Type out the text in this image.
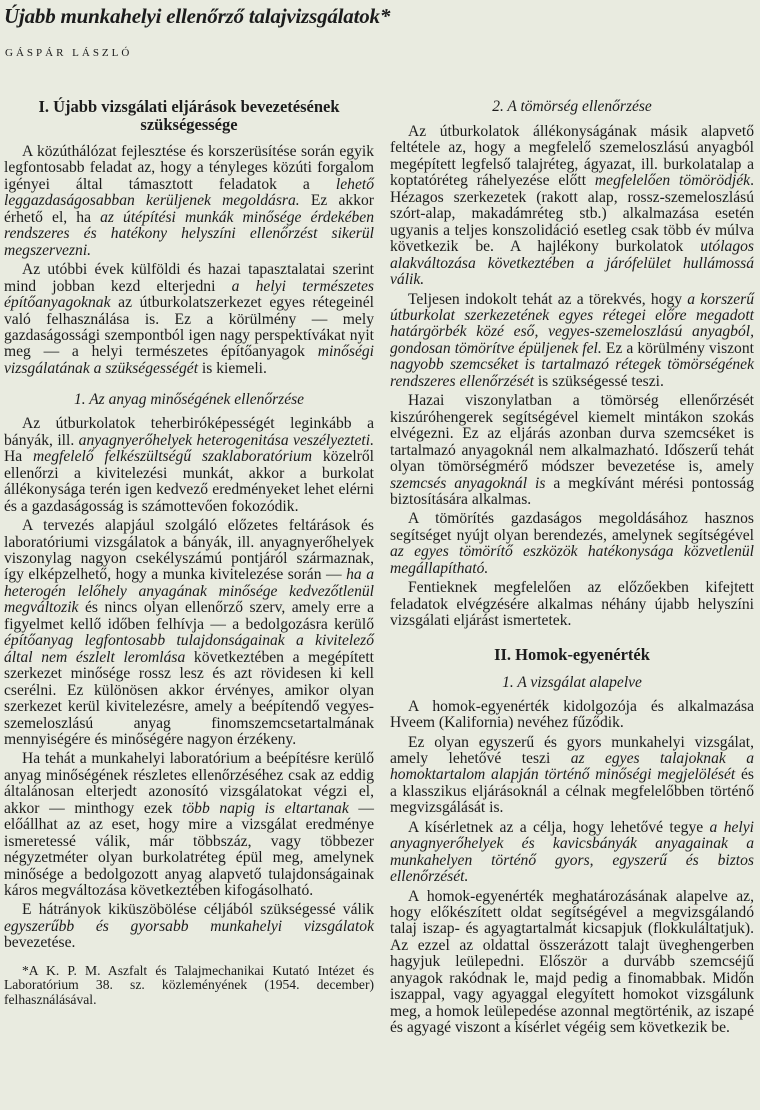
Újabb munkahelyi ellenőrző talajvizsgálatok*
GÁSPÁR LÁSZLÓ
I. Újabb vizsgálati eljárások bevezetésének szükségessége

A közúthálózat fejlesztése és korszerüsítése során egyik legfontosabb feladat az, hogy a tényleges közúti forgalom igényei által támasztott feladatok a lehető leggazdaságosabban kerüljenek megoldásra. Ez akkor érhető el, ha az útépítési munkák minősége érdekében rendszeres és hatékony helyszíni ellenőrzést sikerül megszervezni.

Az utóbbi évek külföldi és hazai tapasztalatai szerint mind jobban kezd elterjedni a helyi természetes építőanyagoknak az útburkolatszerkezet egyes rétegeinél való felhasználása is. Ez a körülmény — mely gazdaságossági szempontból igen nagy perspektívákat nyit meg — a helyi természetes építőanyagok minőségi vizsgálatának a szükségességét is kiemeli.

1. Az anyag minőségének ellenőrzése

Az útburkolatok teherbiróképességét leginkább a bányák, ill. anyagnyerőhelyek heterogenitása veszélyezteti. Ha megfelelő felkészültségű szaklaboratórium közelről ellenőrzi a kivitelezési munkát, akkor a burkolat állékonysága terén igen kedvező eredményeket lehet elérni és a gazdaságosság is számottevően fokozódik.

A tervezés alapjául szolgáló előzetes feltárások és laboratóriumi vizsgálatok a bányák, ill. anyagnyerőhelyek viszonylag nagyon csekélyszámú pontjáról származnak, így elképzelhető, hogy a munka kivitelezése során — ha a heterogén lelőhely anyagának minősége kedvezőtlenül megváltozik és nincs olyan ellenőrző szerv, amely erre a figyelmet kellő időben felhívja — a bedolgozásra kerülő építőanyag legfontosabb tulajdonságainak a kivitelező által nem észlelt leromlása következtében a megépített szerkezet minősége rossz lesz és azt rövidesen ki kell cserélni. Ez különösen akkor érvényes, amikor olyan szerkezet kerül kivitelezésre, amely a beépítendő vegyes-szemeloszlású anyag finomszemcsetartalmának mennyiségére és minőségére nagyon érzékeny.

Ha tehát a munkahelyi laboratórium a beépítésre kerülő anyag minőségének részletes ellenőrzéséhez csak az eddig általánosan elterjedt azonosító vizsgálatokat végzi el, akkor — minthogy ezek több napig is eltartanak — előállhat az az eset, hogy mire a vizsgálat eredménye ismeretessé válik, már többszáz, vagy többezer négyzetméter olyan burkolatréteg épül meg, amelynek minősége a bedolgozott anyag alapvető tulajdonságainak káros megváltozása következtében kifogásolható.

E hátrányok kiküszöbölése céljából szükségessé válik egyszerűbb és gyorsabb munkahelyi vizsgálatok bevezetése.

*A K. P. M. Aszfalt és Talajmechanikai Kutató Intézet és Laboratórium 38. sz. közleményének (1954. december) felhasználásával.
2. A tömörség ellenőrzése

Az útburkolatok állékonyságának másik alapvető feltétele az, hogy a megfelelő szemeloszlású anyagból megépített legfelső talajréteg, ágyazat, ill. burkolatalap a koptatóréteg ráhelyezése előtt megfelelően tömörödjék. Hézagos szerkezetek (rakott alap, rossz-szemeloszlású szórt-alap, makadámréteg stb.) alkalmazása esetén ugyanis a teljes konszolidáció esetleg csak több év múlva következik be. A hajlékony burkolatok utólagos alakváltozása következtében a járófelület hullámossá válik.

Teljesen indokolt tehát az a törekvés, hogy a korszerű útburkolat szerkezetének egyes rétegei előre megadott határgörbék közé eső, vegyes-szemeloszlású anyagból, gondosan tömörítve épüljenek fel. Ez a körülmény viszont nagyobb szemcséket is tartalmazó rétegek tömörségének rendszeres ellenőrzését is szükségessé teszi.

Hazai viszonylatban a tömörség ellenőrzését kiszúróhengerek segítségével kiemelt mintákon szokás elvégezni. Ez az eljárás azonban durva szemcséket is tartalmazó anyagoknál nem alkalmazható. Időszerű tehát olyan tömörségmérő módszer bevezetése is, amely szemcsés anyagoknál is a megkívánt mérési pontosság biztosítására alkalmas.

A tömörítés gazdaságos megoldásához hasznos segítséget nyújt olyan berendezés, amelynek segítségével az egyes tömörítő eszközök hatékonysága közvetlenül megállapítható.

Fentieknek megfelelően az előzőekben kifejtett feladatok elvégzésére alkalmas néhány újabb helyszíni vizsgálati eljárást ismertetek.

II. Homok-egyenérték
1. A vizsgálat alapelve

A homok-egyenérték kidolgozója és alkalmazása Hveem (Kalifornia) nevéhez fűződik.

Ez olyan egyszerű és gyors munkahelyi vizsgálat, amely lehetővé teszi az egyes talajoknak a homoktartalom alapján történő minőségi megjelölését és a klasszikus eljárásoknál a célnak megfelelőbben történő megvizsgálását is.

A kísérletnek az a célja, hogy lehetővé tegye a helyi anyagnyerőhelyek és kavicsbányák anyagainak a munkahelyen történő gyors, egyszerű és biztos ellenőrzését.

A homok-egyenérték meghatározásának alapelve az, hogy előkészített oldat segítségével a megvizsgálandó talaj iszap- és agyagtartalmát kicsapjuk (flokkuláltatjuk). Az ezzel az oldattal összerázott talajt üveghengerben hagyjuk leülepedni. Először a durvább szemcséjű anyagok rakódnak le, majd pedig a finomabbak. Midőn iszappal, vagy agyaggal elegyített homokot vizsgálunk meg, a homok leülepedése azonnal megtörténik, az iszapé és agyagé viszont a kísérlet végéig sem következik be.
